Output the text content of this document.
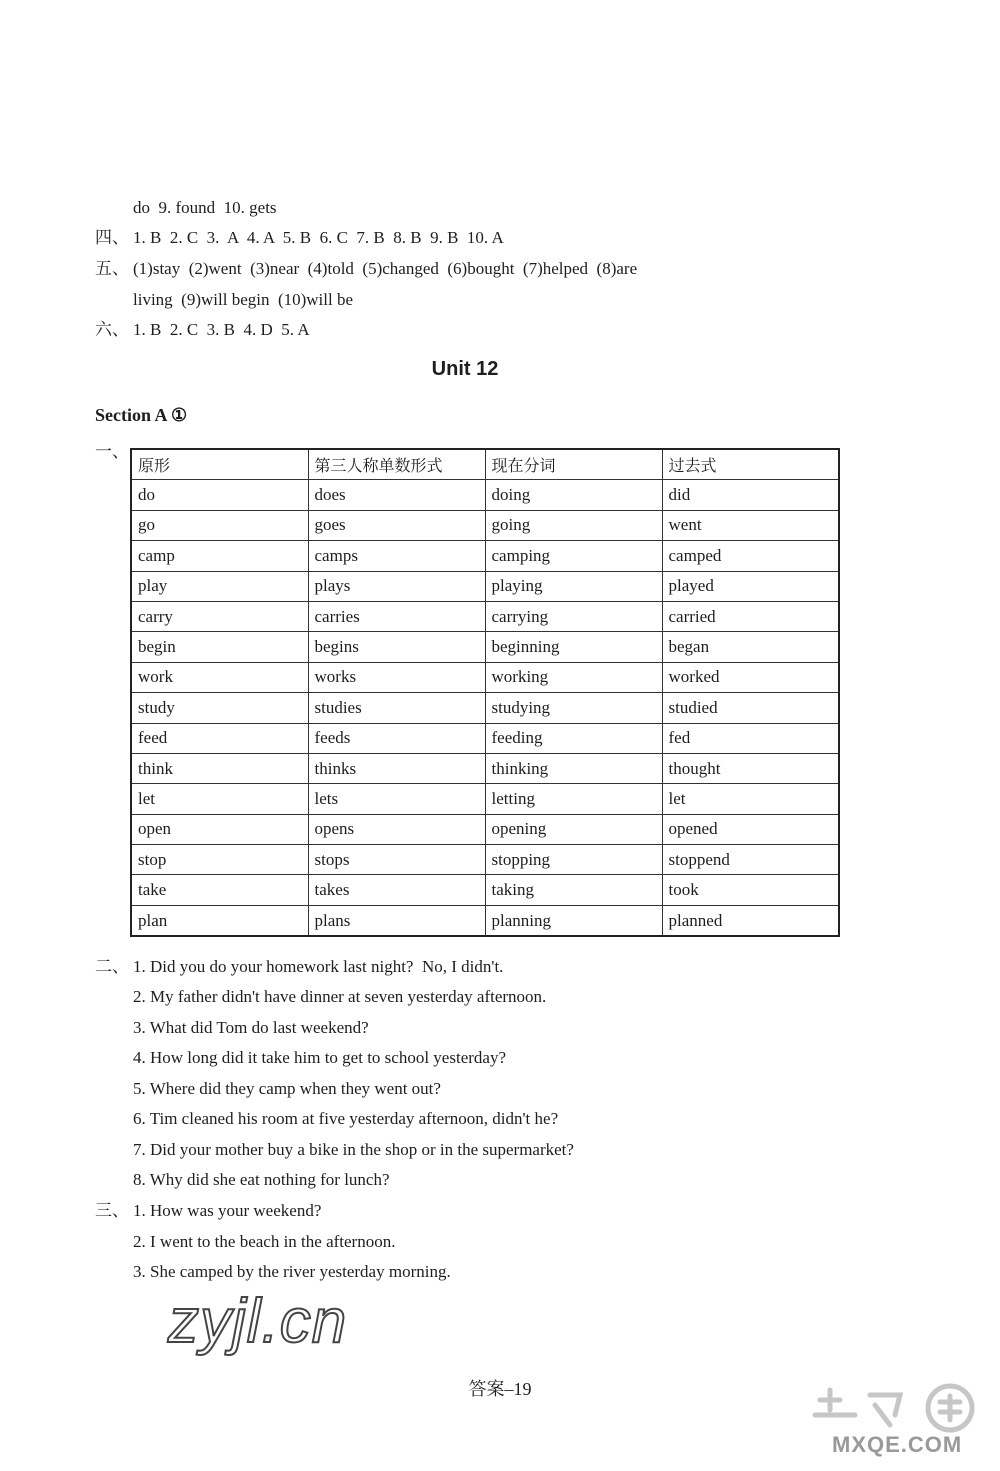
do  9. found  10. gets
四、 1. B  2. C  3.  A  4. A  5. B  6. C  7. B  8. B  9. B  10. A
五、 (1)stay  (2)went  (3)near  (4)told  (5)changed  (6)bought  (7)helped  (8)are
living  (9)will begin  (10)will be
六、 1. B  2. C  3. B  4. D  5. A
Unit 12
Section A ①
一、
原形	第三人称单数形式	现在分词	过去式
do	does	doing	did
go	goes	going	went
camp	camps	camping	camped
play	plays	playing	played
carry	carries	carrying	carried
begin	begins	beginning	began
work	works	working	worked
study	studies	studying	studied
feed	feeds	feeding	fed
think	thinks	thinking	thought
let	lets	letting	let
open	opens	opening	opened
stop	stops	stopping	stoppend
take	takes	taking	took
plan	plans	planning	planned
二、 1. Did you do your homework last night?  No, I didn't.
2. My father didn't have dinner at seven yesterday afternoon.
3. What did Tom do last weekend?
4. How long did it take him to get to school yesterday?
5. Where did they camp when they went out?
6. Tim cleaned his room at five yesterday afternoon, didn't he?
7. Did your mother buy a bike in the shop or in the supermarket?
8. Why did she eat nothing for lunch?
三、 1. How was your weekend?
2. I went to the beach in the afternoon.
3. She camped by the river yesterday morning.
答案–19
zyjl.cn
MXQE.COM
